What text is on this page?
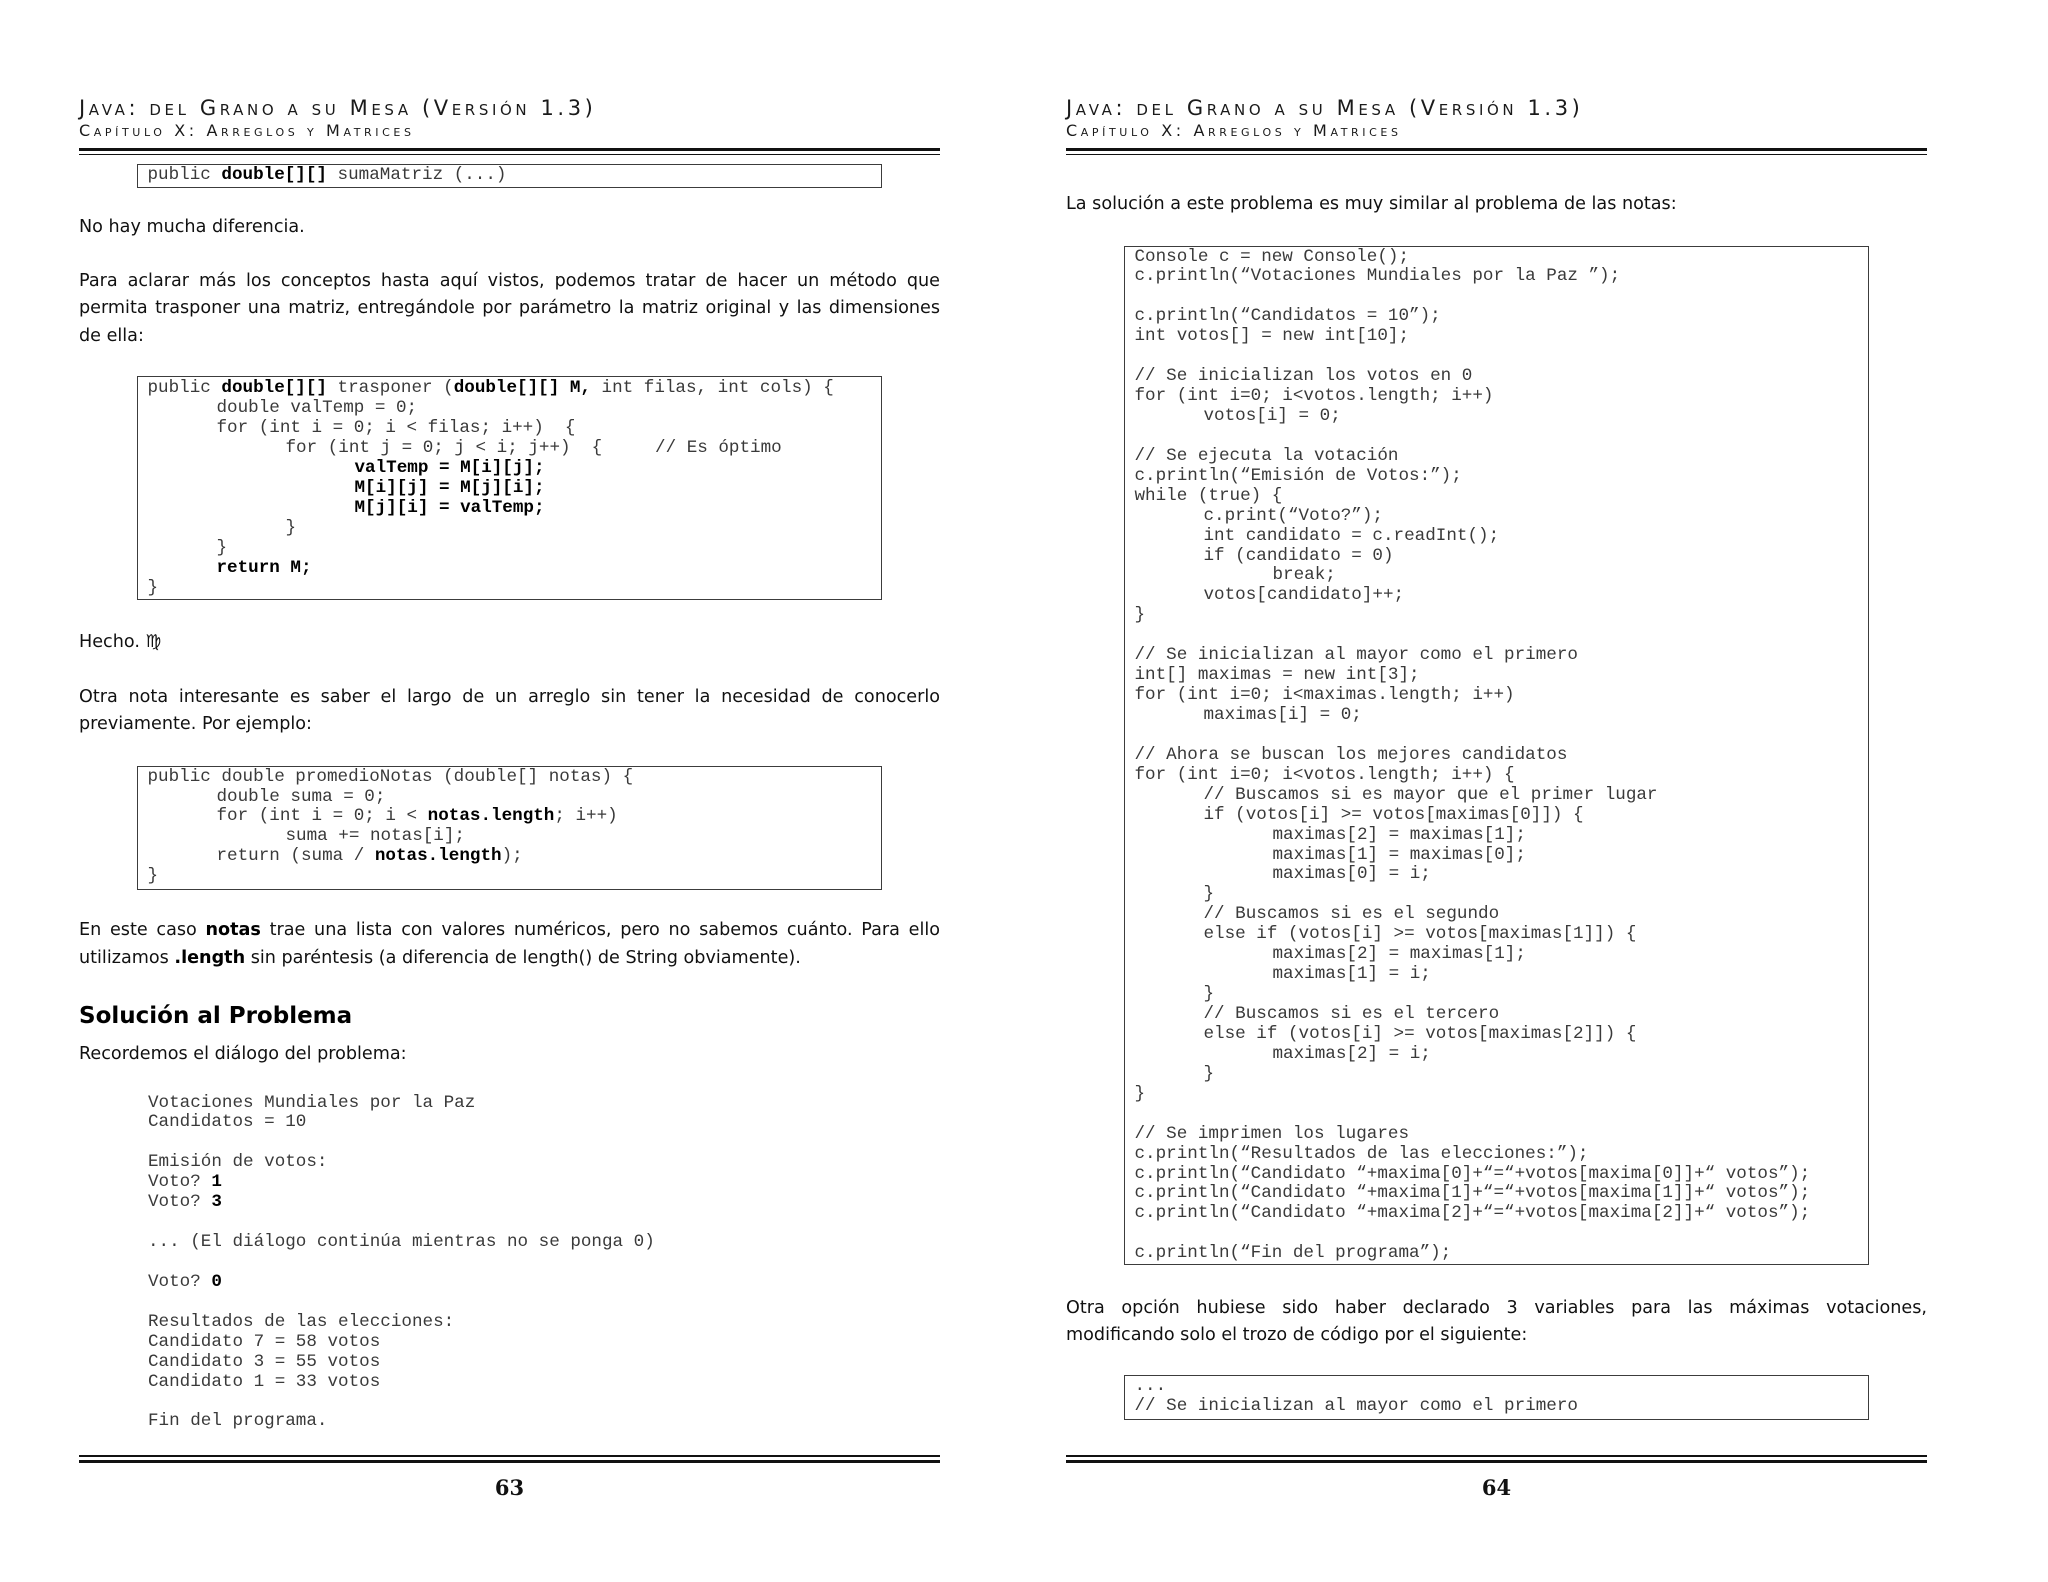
Java: del Grano a su Mesa (Versión 1.3)
Capítulo X: Arreglos y Matrices
public double[][] sumaMatriz (...)
No hay mucha diferencia.
Para aclarar más los conceptos hasta aquí vistos, podemos tratar de hacer un método que
permita trasponer una matriz, entregándole por parámetro la matriz original y las dimensiones
de ella:
public double[][] trasponer (double[][] M, int filas, int cols) {
	double valTemp = 0;
	for (int i = 0; i < filas; i++)  {
		for (int j = 0; j < i; j++)  {     // Es óptimo
			valTemp = M[i][j];
			M[i][j] = M[j][i];
			M[j][i] = valTemp;
		}
	}
	return M;
}
Hecho. ♍
Otra nota interesante es saber el largo de un arreglo sin tener la necesidad de conocerlo
previamente. Por ejemplo:
public double promedioNotas (double[] notas) {
	double suma = 0;
	for (int i = 0; i < notas.length; i++)
		suma += notas[i];
	return (suma / notas.length);
}
En este caso notas trae una lista con valores numéricos, pero no sabemos cuánto. Para ello
utilizamos .length sin paréntesis (a diferencia de length() de String obviamente).
Solución al Problema
Recordemos el diálogo del problema:
Votaciones Mundiales por la Paz
Candidatos = 10
Emisión de votos:
Voto? 1
Voto? 3
... (El diálogo continúa mientras no se ponga 0)
Voto? 0
Resultados de las elecciones:
Candidato 7 = 58 votos
Candidato 3 = 55 votos
Candidato 1 = 33 votos
Fin del programa.
63
Java: del Grano a su Mesa (Versión 1.3)
Capítulo X: Arreglos y Matrices
La solución a este problema es muy similar al problema de las notas:
Console c = new Console();
c.println(“Votaciones Mundiales por la Paz ”);
c.println(“Candidatos = 10”);
int votos[] = new int[10];
// Se inicializan los votos en 0
for (int i=0; i<votos.length; i++)
	votos[i] = 0;
// Se ejecuta la votación
c.println(“Emisión de Votos:”);
while (true) {
	c.print(“Voto?”);
	int candidato = c.readInt();
	if (candidato = 0)
		break;
	votos[candidato]++;
}
// Se inicializan al mayor como el primero
int[] maximas = new int[3];
for (int i=0; i<maximas.length; i++)
	maximas[i] = 0;
// Ahora se buscan los mejores candidatos
for (int i=0; i<votos.length; i++) {
	// Buscamos si es mayor que el primer lugar
	if (votos[i] >= votos[maximas[0]]) {
		maximas[2] = maximas[1];
		maximas[1] = maximas[0];
		maximas[0] = i;
	}
	// Buscamos si es el segundo
	else if (votos[i] >= votos[maximas[1]]) {
		maximas[2] = maximas[1];
		maximas[1] = i;
	}
	// Buscamos si es el tercero
	else if (votos[i] >= votos[maximas[2]]) {
		maximas[2] = i;
	}
}
// Se imprimen los lugares
c.println(“Resultados de las elecciones:”);
c.println(“Candidato “+maxima[0]+“=“+votos[maxima[0]]+“ votos”);
c.println(“Candidato “+maxima[1]+“=“+votos[maxima[1]]+“ votos”);
c.println(“Candidato “+maxima[2]+“=“+votos[maxima[2]]+“ votos”);
c.println(“Fin del programa”);
Otra opción hubiese sido haber declarado 3 variables para las máximas votaciones,
modificando solo el trozo de código por el siguiente:
...
// Se inicializan al mayor como el primero
64
